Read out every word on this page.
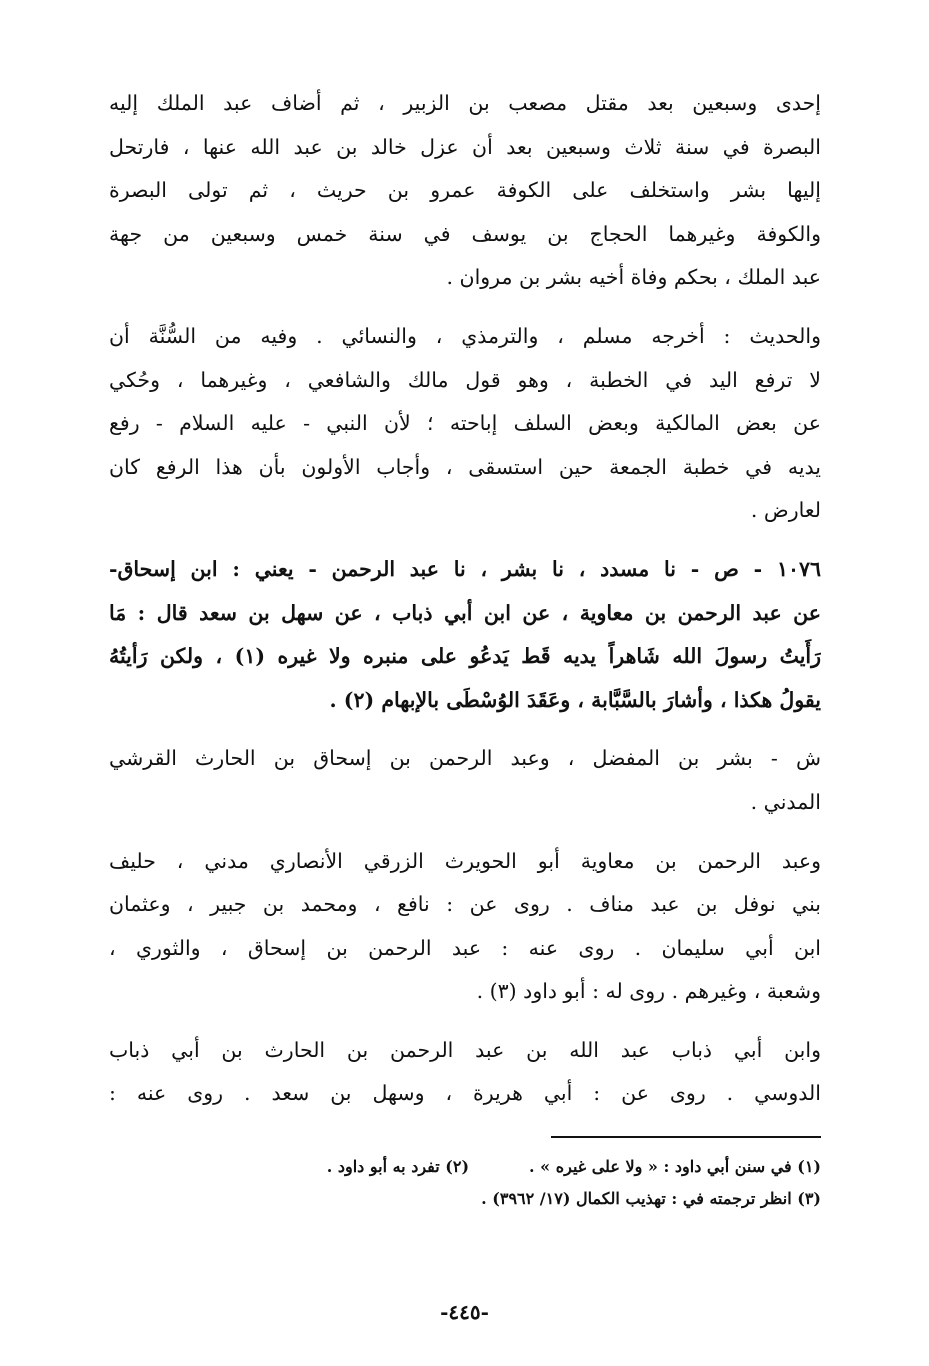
إحدى وسبعين بعد مقتل مصعب بن الزبير ، ثم أضاف عبد الملك إليه
البصرة في سنة ثلاث وسبعين بعد أن عزل خالد بن عبد الله عنها ، فارتحل
إليها بشر واستخلف على الكوفة عمرو بن حريث ، ثم تولى البصرة
والكوفة وغيرهما الحجاج بن يوسف في سنة خمس وسبعين من جهة
عبد الملك ، بحكم وفاة أخيه بشر بن مروان .
والحديث : أخرجه مسلم ، والترمذي ، والنسائي . وفيه من السُّنَّة أن
لا ترفع اليد في الخطبة ، وهو قول مالك والشافعي ، وغيرهما ، وحُكي
عن بعض المالكية وبعض السلف إباحته ؛ لأن النبي - عليه السلام - رفع
يديه في خطبة الجمعة حين استسقى ، وأجاب الأولون بأن هذا الرفع كان
لعارض .
١٠٧٦ - ص - نا مسدد ، نا بشر ، نا عبد الرحمن - يعني : ابن إسحاق-
عن عبد الرحمن بن معاوية ، عن ابن أبي ذباب ، عن سهل بن سعد قال : مَا
رَأَيتُ رسولَ الله شَاهراً يديه قَط يَدعُو على منبره ولا غيره (١) ، ولكن رَأيتُهُ
يقولُ هكذا ، وأشارَ بالسَّبَّابة ، وعَقَدَ الوُسْطَى بالإبهام (٢) .
ش - بشر بن المفضل ، وعبد الرحمن بن إسحاق بن الحارث القرشي
المدني .
وعبد الرحمن بن معاوية أبو الحويرث الزرقي الأنصاري مدني ، حليف
بني نوفل بن عبد مناف . روى عن : نافع ، ومحمد بن جبير ، وعثمان
ابن أبي سليمان . روى عنه : عبد الرحمن بن إسحاق ، والثوري ،
وشعبة ، وغيرهم . روى له : أبو داود (٣) .
وابن أبي ذباب عبد الله بن عبد الرحمن بن الحارث بن أبي ذباب
الدوسي . روى عن : أبي هريرة ، وسهل بن سعد . روى عنه :
(١) في سنن أبي داود : « ولا على غيره » .(٢) تفرد به أبو داود .
(٣) انظر ترجمته في : تهذيب الكمال (١٧/ ٣٩٦٢) .
-٤٤٥-
